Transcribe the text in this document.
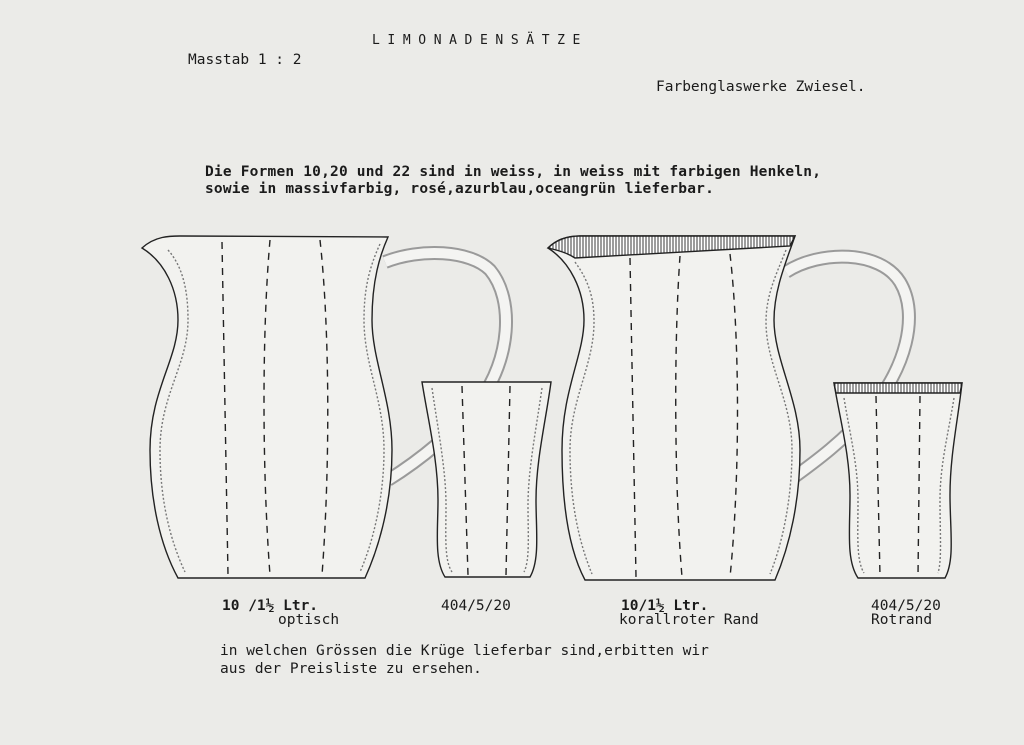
LIMONADENSÄTZE
Masstab 1 : 2
Farbenglaswerke Zwiesel.
Die Formen 10,20 und 22 sind in weiss, in weiss mit farbigen Henkeln,
sowie in massivfarbig, rosé,azurblau,oceangrün lieferbar.
10 /1½ Ltr.
optisch
404/5/20	10/1½ Ltr.
korallroter Rand
404/5/20
Rotrand
in welchen Grössen die Krüge lieferbar sind,erbitten wir
aus der Preisliste zu ersehen.
